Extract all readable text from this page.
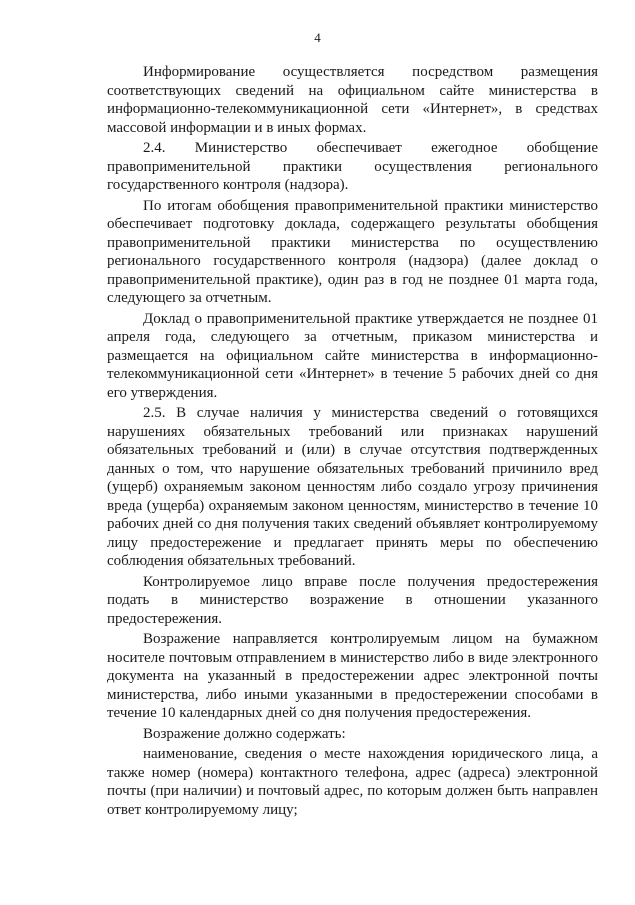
4

Информирование осуществляется посредством размещения соответствующих сведений на официальном сайте министерства в информационно-телекоммуникационной сети «Интернет», в средствах массовой информации и в иных формах.

2.4. Министерство обеспечивает ежегодное обобщение правоприменительной практики осуществления регионального государственного контроля (надзора).

По итогам обобщения правоприменительной практики министерство обеспечивает подготовку доклада, содержащего результаты обобщения правоприменительной практики министерства по осуществлению регионального государственного контроля (надзора) (далее доклад о правоприменительной практике), один раз в год не позднее 01 марта года, следующего за отчетным.

Доклад о правоприменительной практике утверждается не позднее 01 апреля года, следующего за отчетным, приказом министерства и размещается на официальном сайте министерства в информационно-телекоммуникационной сети «Интернет» в течение 5 рабочих дней со дня его утверждения.

2.5. В случае наличия у министерства сведений о готовящихся нарушениях обязательных требований или признаках нарушений обязательных требований и (или) в случае отсутствия подтвержденных данных о том, что нарушение обязательных требований причинило вред (ущерб) охраняемым законом ценностям либо создало угрозу причинения вреда (ущерба) охраняемым законом ценностям, министерство в течение 10 рабочих дней со дня получения таких сведений объявляет контролируемому лицу предостережение и предлагает принять меры по обеспечению соблюдения обязательных требований.

Контролируемое лицо вправе после получения предостережения подать в министерство возражение в отношении указанного предостережения.

Возражение направляется контролируемым лицом на бумажном носителе почтовым отправлением в министерство либо в виде электронного документа на указанный в предостережении адрес электронной почты министерства, либо иными указанными в предостережении способами в течение 10 календарных дней со дня получения предостережения.

Возражение должно содержать:

наименование, сведения о месте нахождения юридического лица, а также номер (номера) контактного телефона, адрес (адреса) электронной почты (при наличии) и почтовый адрес, по которым должен быть направлен ответ контролируемому лицу;
